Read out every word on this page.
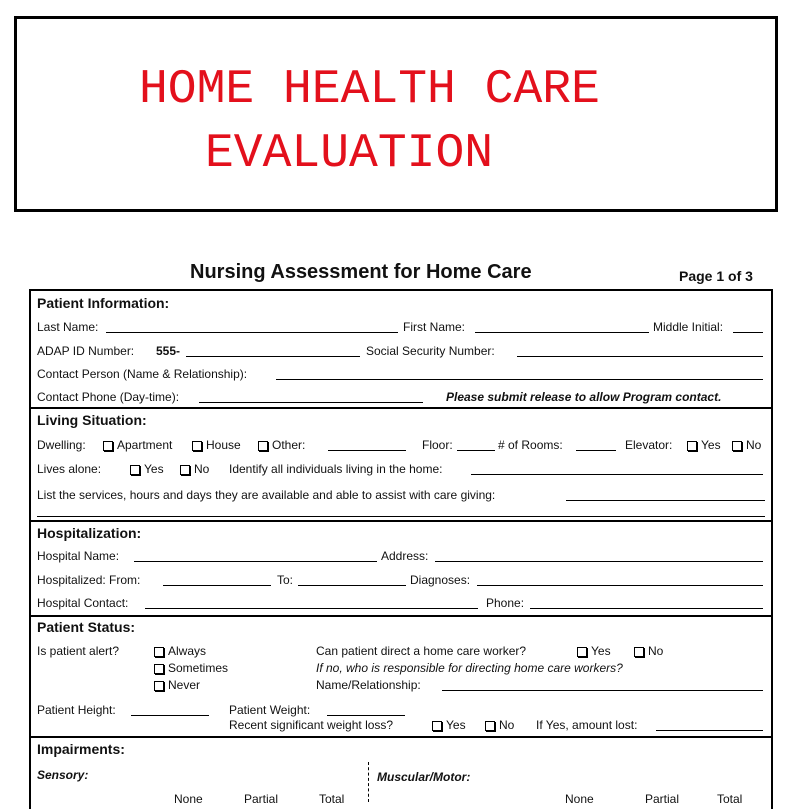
HOME HEALTH CARE
EVALUATION
Nursing Assessment for Home Care	Page 1 of 3
Patient Information:
Last Name:	First Name:	Middle Initial:
ADAP ID Number: 555-	Social Security Number:
Contact Person (Name & Relationship):
Contact Phone (Day-time):	Please submit release to allow Program contact.
Living Situation:
Dwelling:	Apartment	House	Other:	Floor:	# of Rooms:	Elevator:	Yes	No
Lives alone:	Yes	No Identify all individuals living in the home:
List the services, hours and days they are available and able to assist with care giving:
Hospitalization:
Hospital Name:	Address:
Hospitalized: From:	To:	Diagnoses:
Hospital Contact:	Phone:
Patient Status:
Is patient alert?	Always
Sometimes
Never
Can patient direct a home care worker?	Yes	No
If no, who is responsible for directing home care workers?
Name/Relationship:
Patient Height:	Patient Weight:
Recent significant weight loss?	Yes	No If Yes, amount lost:
Impairments:
Sensory:	Muscular/Motor:
None	Partial	Total	None	Partial	Total
